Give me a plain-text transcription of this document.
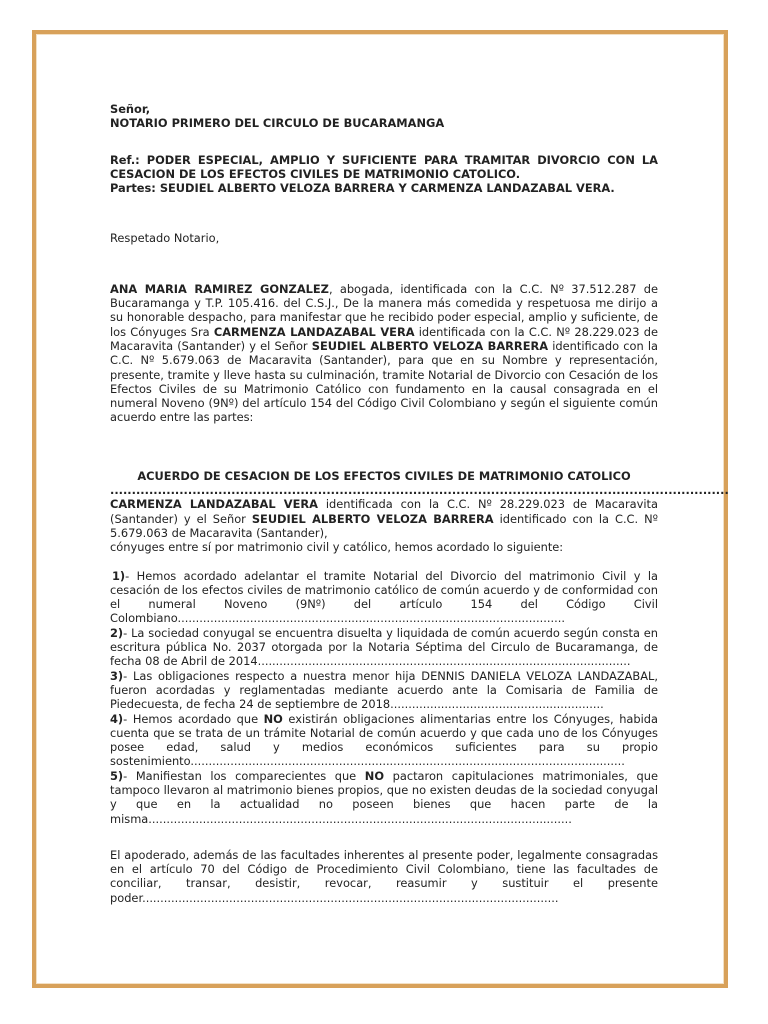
Señor,

NOTARIO PRIMERO DEL CIRCULO DE BUCARAMANGA

Ref.: PODER ESPECIAL, AMPLIO Y SUFICIENTE PARA TRAMITAR DIVORCIO CON LA CESACION DE LOS EFECTOS CIVILES DE MATRIMONIO CATOLICO.

Partes: SEUDIEL ALBERTO VELOZA BARRERA Y CARMENZA LANDAZABAL VERA.

Respetado Notario,

ANA MARIA RAMIREZ GONZALEZ, abogada, identificada con la C.C. Nº 37.512.287 de Bucaramanga y T.P. 105.416. del C.S.J., De la manera más comedida y respetuosa me dirijo a su honorable despacho, para manifestar que he recibido poder especial, amplio y suficiente, de los Cónyuges Sra CARMENZA LANDAZABAL VERA identificada con la C.C. Nº 28.229.023 de Macaravita (Santander) y el Señor SEUDIEL ALBERTO VELOZA BARRERA identificado con la C.C. Nº 5.679.063 de Macaravita (Santander), para que en su Nombre y representación, presente, tramite y lleve hasta su culminación, tramite Notarial de Divorcio con Cesación de los Efectos Civiles de su Matrimonio Católico con fundamento en la causal consagrada en el numeral Noveno (9Nº) del artículo 154 del Código Civil Colombiano y según el siguiente común acuerdo entre las partes:

ACUERDO DE CESACION DE LOS EFECTOS CIVILES DE MATRIMONIO CATOLICO

...............................................................................................................................................

CARMENZA LANDAZABAL VERA identificada con la C.C. Nº 28.229.023 de Macaravita (Santander) y el Señor SEUDIEL ALBERTO VELOZA BARRERA identificado con la C.C. Nº 5.679.063 de Macaravita (Santander),

cónyuges entre sí por matrimonio civil y católico, hemos acordado lo siguiente:

1)- Hemos acordado adelantar el tramite Notarial del Divorcio del matrimonio Civil y la cesación de los efectos civiles de matrimonio católico de común acuerdo y de conformidad con el numeral Noveno (9Nº) del artículo 154 del Código Civil Colombiano...........................................................................................................

2)- La sociedad conyugal se encuentra disuelta y liquidada de común acuerdo según consta en escritura pública No. 2037 otorgada por la Notaria Séptima del Circulo de Bucaramanga, de fecha 08 de Abril de 2014.......................................................................................................

3)- Las obligaciones respecto a nuestra menor hija DENNIS DANIELA VELOZA LANDAZABAL, fueron acordadas y reglamentadas mediante acuerdo ante la Comisaria de Familia de Piedecuesta, de fecha 24 de septiembre de 2018...........................................................

4)- Hemos acordado que NO existirán obligaciones alimentarias entre los Cónyuges, habida cuenta que se trata de un trámite Notarial de común acuerdo y que cada uno de los Cónyuges posee edad, salud y medios económicos suficientes para su propio sostenimiento........................................................................................................................

5)- Manifiestan los comparecientes que NO pactaron capitulaciones matrimoniales, que tampoco llevaron al matrimonio bienes propios, que no existen deudas de la sociedad conyugal y que en la actualidad no poseen bienes que hacen parte de la misma.....................................................................................................................

El apoderado, además de las facultades inherentes al presente poder, legalmente consagradas en el artículo 70 del Código de Procedimiento Civil Colombiano, tiene las facultades de conciliar, transar, desistir, revocar, reasumir y sustituir el presente poder...................................................................................................................
